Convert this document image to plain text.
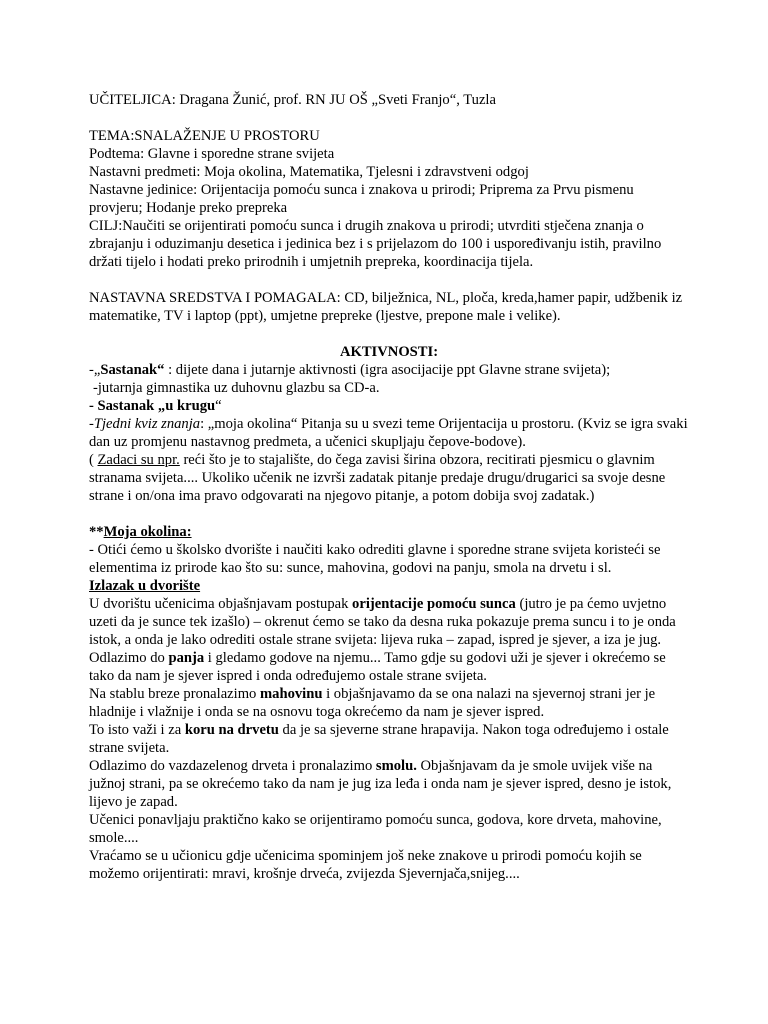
UČITELJICA: Dragana Žunić, prof. RN JU OŠ „Sveti Franjo“, Tuzla

TEMA:SNALAŽENJE U PROSTORU

Podtema: Glavne i sporedne strane svijeta

Nastavni predmeti: Moja okolina, Matematika, Tjelesni i zdravstveni odgoj

Nastavne jedinice: Orijentacija pomoću sunca i znakova u prirodi; Priprema za Prvu pismenu provjeru; Hodanje preko prepreka

CILJ:Naučiti se orijentirati pomoću sunca i drugih znakova u prirodi; utvrditi stječena znanja o zbrajanju i oduzimanju desetica i jedinica bez i s prijelazom do 100 i uspoređivanju istih, pravilno držati tijelo i hodati preko prirodnih i umjetnih prepreka, koordinacija tijela.

NASTAVNA SREDSTVA I POMAGALA: CD, bilježnica, NL, ploča, kreda,hamer papir, udžbenik iz matematike, TV i laptop (ppt), umjetne prepreke (ljestve, prepone male i velike).

AKTIVNOSTI:

-„Sastanak“ : dijete dana i jutarnje aktivnosti (igra asocijacije ppt Glavne strane svijeta);

-jutarnja gimnastika uz duhovnu glazbu sa CD-a.

- Sastanak „u krugu“

-Tjedni kviz znanja: „moja okolina“ Pitanja su u svezi teme Orijentacija u prostoru. (Kviz se igra svaki dan uz promjenu nastavnog predmeta, a učenici skupljaju čepove-bodove).

( Zadaci su npr. reći što je to stajalište, do čega zavisi širina obzora, recitirati pjesmicu o glavnim stranama svijeta.... Ukoliko učenik ne izvrši zadatak pitanje predaje drugu/drugarici sa svoje desne strane i on/ona ima pravo odgovarati na njegovo pitanje, a potom dobija svoj zadatak.)

**Moja okolina:

- Otići ćemo u školsko dvorište i naučiti kako odrediti glavne i sporedne strane svijeta koristeći se elementima iz prirode kao što su: sunce, mahovina, godovi na panju, smola na drvetu i sl.

Izlazak u dvorište

U dvorištu učenicima objašnjavam postupak orijentacije pomoću sunca (jutro je pa ćemo uvjetno uzeti da je sunce tek izašlo) – okrenut ćemo se tako da desna ruka pokazuje prema suncu i to je onda istok, a onda je lako odrediti ostale strane svijeta: lijeva ruka – zapad, ispred je sjever, a iza je jug.

Odlazimo do panja i gledamo godove na njemu... Tamo gdje su godovi uži je sjever i okrećemo se tako da nam je sjever ispred i onda određujemo ostale strane svijeta.

Na stablu breze pronalazimo mahovinu i objašnjavamo da se ona nalazi na sjevernoj strani jer je hladnije i vlažnije i onda se na osnovu toga okrećemo da nam je sjever ispred.

To isto važi i za koru na drvetu da je sa sjeverne strane hrapavija. Nakon toga određujemo i ostale strane svijeta.

Odlazimo do vazdazelenog drveta i pronalazimo smolu. Objašnjavam da je smole uvijek više na južnoj strani, pa se okrećemo tako da nam je jug iza leđa i onda nam je sjever ispred, desno je istok, lijevo je zapad.

Učenici ponavljaju praktično kako se orijentiramo pomoću sunca, godova, kore drveta, mahovine, smole....

Vraćamo se u učionicu gdje učenicima spominjem još neke znakove u prirodi pomoću kojih se možemo orijentirati: mravi, krošnje drveća, zvijezda Sjevernjača,snijeg....
